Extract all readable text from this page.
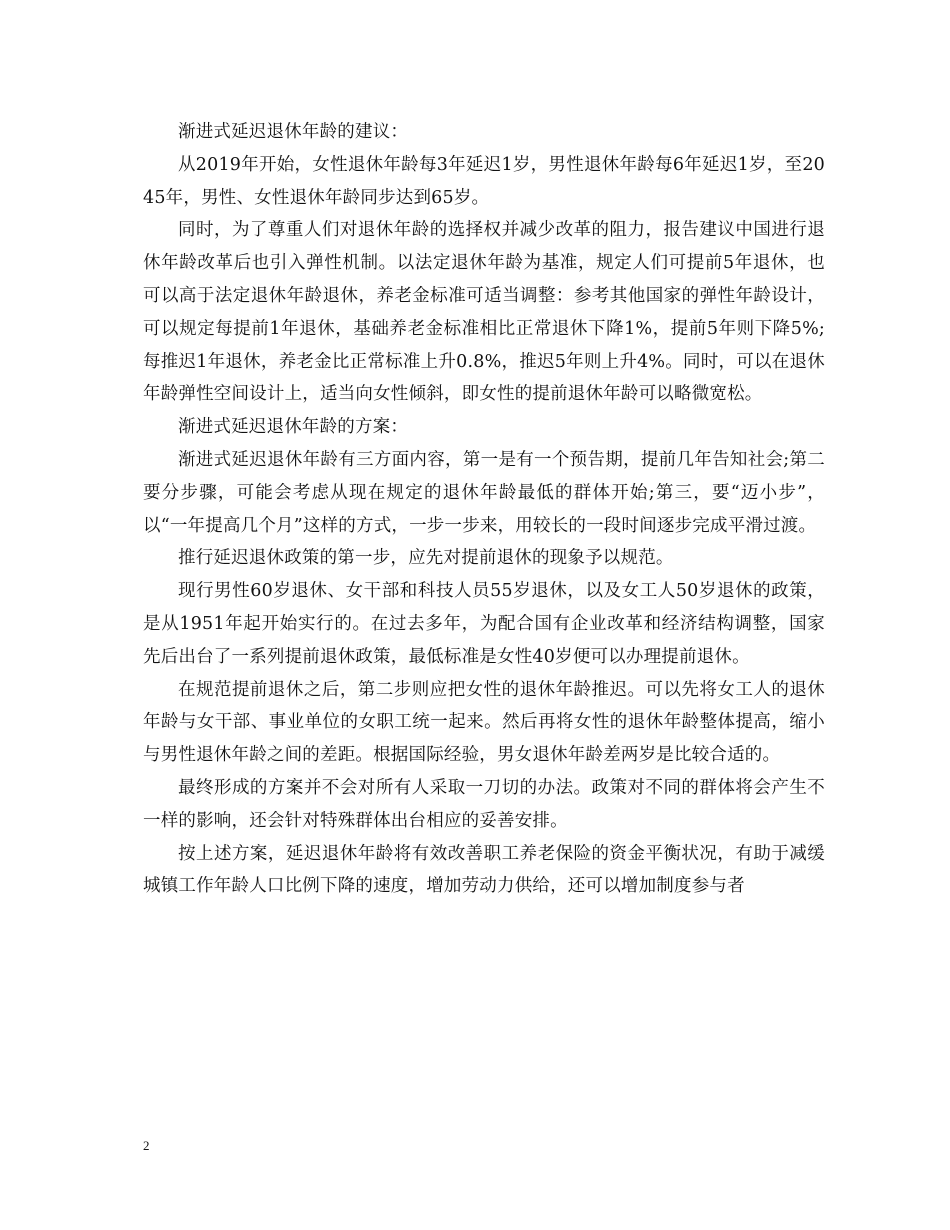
渐进式延迟退休年龄的建议：

从2019年开始，女性退休年龄每3年延迟1岁，男性退休年龄每6年延迟1岁，至2045年，男性、女性退休年龄同步达到65岁。

同时，为了尊重人们对退休年龄的选择权并减少改革的阻力，报告建议中国进行退休年龄改革后也引入弹性机制。以法定退休年龄为基准，规定人们可提前5年退休，也可以高于法定退休年龄退休，养老金标准可适当调整：参考其他国家的弹性年龄设计，可以规定每提前1年退休，基础养老金标准相比正常退休下降1%，提前5年则下降5%;每推迟1年退休，养老金比正常标准上升0.8%，推迟5年则上升4%。同时，可以在退休年龄弹性空间设计上，适当向女性倾斜，即女性的提前退休年龄可以略微宽松。

渐进式延迟退休年龄的方案：

渐进式延迟退休年龄有三方面内容，第一是有一个预告期，提前几年告知社会;第二要分步骤，可能会考虑从现在规定的退休年龄最低的群体开始;第三，要“迈小步”，以“一年提高几个月”这样的方式，一步一步来，用较长的一段时间逐步完成平滑过渡。

推行延迟退休政策的第一步，应先对提前退休的现象予以规范。

现行男性60岁退休、女干部和科技人员55岁退休，以及女工人50岁退休的政策，是从1951年起开始实行的。在过去多年，为配合国有企业改革和经济结构调整，国家先后出台了一系列提前退休政策，最低标准是女性40岁便可以办理提前退休。

在规范提前退休之后，第二步则应把女性的退休年龄推迟。可以先将女工人的退休年龄与女干部、事业单位的女职工统一起来。然后再将女性的退休年龄整体提高，缩小与男性退休年龄之间的差距。根据国际经验，男女退休年龄差两岁是比较合适的。

最终形成的方案并不会对所有人采取一刀切的办法。政策对不同的群体将会产生不一样的影响，还会针对特殊群体出台相应的妥善安排。

按上述方案，延迟退休年龄将有效改善职工养老保险的资金平衡状况，有助于减缓城镇工作年龄人口比例下降的速度，增加劳动力供给，还可以增加制度参与者

2
